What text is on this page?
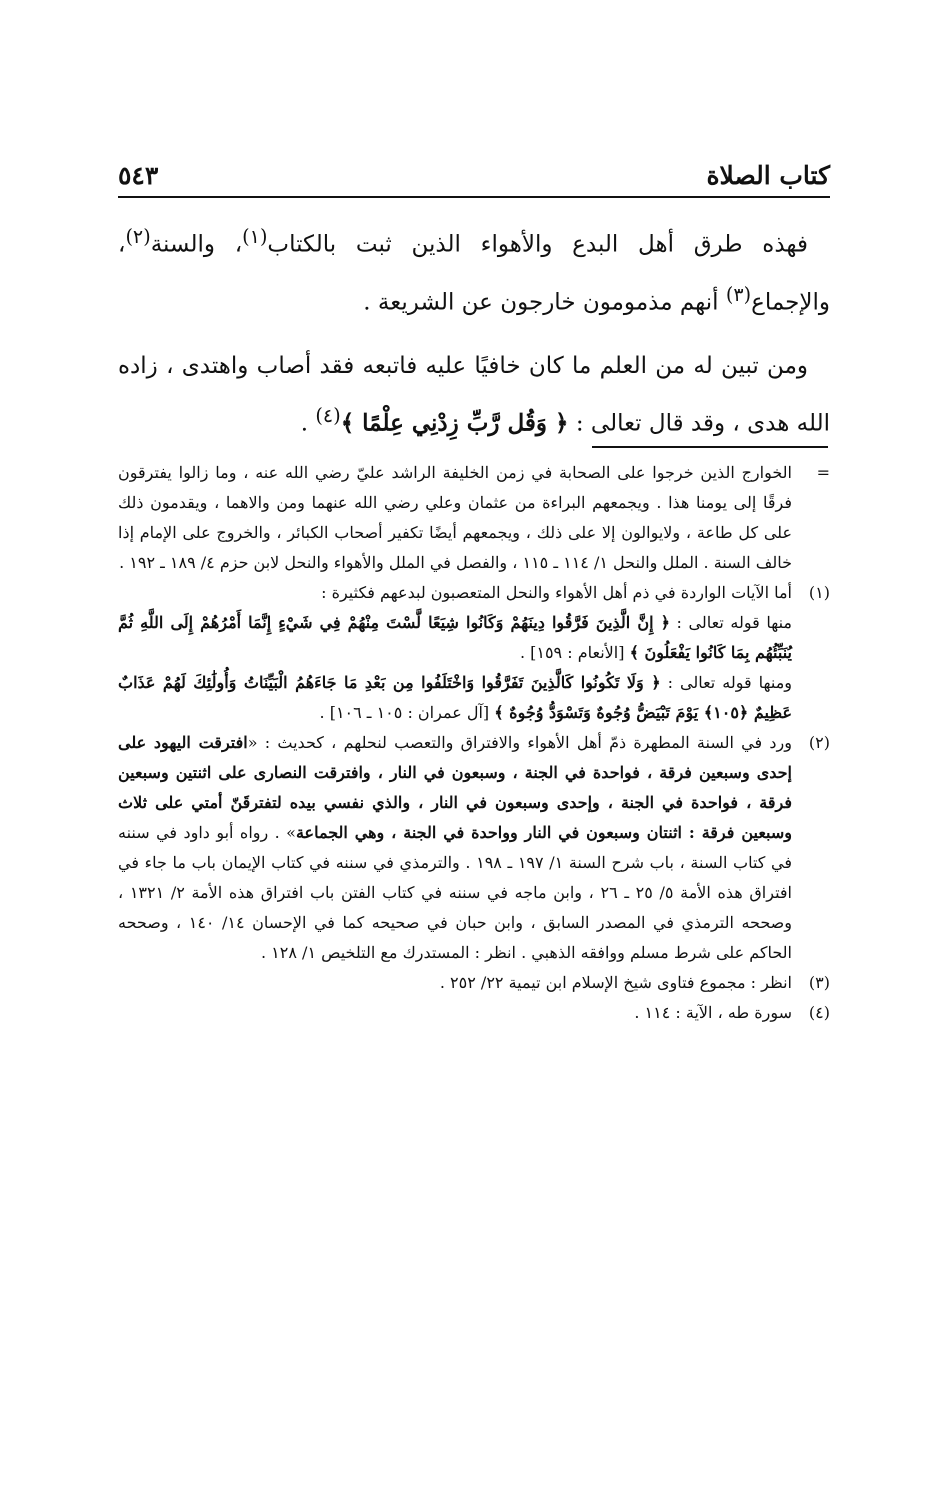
كتاب الصلاة
٥٤٣

فهذه طرق أهل البدع والأهواء الذين ثبت بالكتاب$^{(١)}$، والسنة$^{(٢)}$، والإجماع$^{(٣)}$ أنهم مذمومون خارجون عن الشريعة .

ومن تبين له من العلم ما كان خافيًا عليه فاتبعه فقد أصاب واهتدى ، زاده الله هدى ، وقد قال تعالى : ﴿ وَقُل رَّبِّ زِدْنِي عِلْمًا ﴾$^{(٤)}$ .

=

الخوارج الذين خرجوا على الصحابة في زمن الخليفة الراشد عليّ رضي الله عنه ، وما زالوا يفترقون فرقًا إلى يومنا هذا . ويجمعهم البراءة من عثمان وعلي رضي الله عنهما ومن والاهما ، ويقدمون ذلك على كل طاعة ، ولايوالون إلا على ذلك ، ويجمعهم أيضًا تكفير أصحاب الكبائر ، والخروج على الإمام إذا خالف السنة . الملل والنحل ١/ ١١٤ ـ ١١٥ ، والفصل في الملل والأهواء والنحل لابن حزم ٤/ ١٨٩ ـ ١٩٢ .

(١)

أما الآيات الواردة في ذم أهل الأهواء والنحل المتعصبون لبدعهم فكثيرة :

منها قوله تعالى : ﴿ إِنَّ الَّذِينَ فَرَّقُوا دِينَهُمْ وَكَانُوا شِيَعًا لَّسْتَ مِنْهُمْ فِي شَيْءٍ إِنَّمَا أَمْرُهُمْ إِلَى اللَّهِ ثُمَّ يُنَبِّئُهُم بِمَا كَانُوا يَفْعَلُونَ ﴾ [الأنعام : ١٥٩] .

ومنها قوله تعالى : ﴿ وَلَا تَكُونُوا كَالَّذِينَ تَفَرَّقُوا وَاخْتَلَفُوا مِن بَعْدِ مَا جَاءَهُمُ الْبَيِّنَاتُ وَأُولَٰئِكَ لَهُمْ عَذَابٌ عَظِيمٌ ﴿١٠٥﴾ يَوْمَ تَبْيَضُّ وُجُوهٌ وَتَسْوَدُّ وُجُوهٌ ﴾ [آل عمران : ١٠٥ ـ ١٠٦] .

(٢)

ورد في السنة المطهرة ذمّ أهل الأهواء والافتراق والتعصب لنحلهم ، كحديث : «افترقت اليهود على إحدى وسبعين فرقة ، فواحدة في الجنة ، وسبعون في النار ، وافترقت النصارى على اثنتين وسبعين فرقة ، فواحدة في الجنة ، وإحدى وسبعون في النار ، والذي نفسي بيده لتفترقَنّ أمتي على ثلاث وسبعين فرقة : اثنتان وسبعون في النار وواحدة في الجنة ، وهي الجماعة» . رواه أبو داود في سننه في كتاب السنة ، باب شرح السنة ١/ ١٩٧ ـ ١٩٨ . والترمذي في سننه في كتاب الإيمان باب ما جاء في افتراق هذه الأمة ٥/ ٢٥ ـ ٢٦ ، وابن ماجه في سننه في كتاب الفتن باب افتراق هذه الأمة ٢/ ١٣٢١ ، وصححه الترمذي في المصدر السابق ، وابن حبان في صحيحه كما في الإحسان ١٤/ ١٤٠ ، وصححه الحاكم على شرط مسلم ووافقه الذهبي . انظر : المستدرك مع التلخيص ١/ ١٢٨ .

(٣)

انظر : مجموع فتاوى شيخ الإسلام ابن تيمية ٢٢/ ٢٥٢ .

(٤)

سورة طه ، الآية : ١١٤ .
